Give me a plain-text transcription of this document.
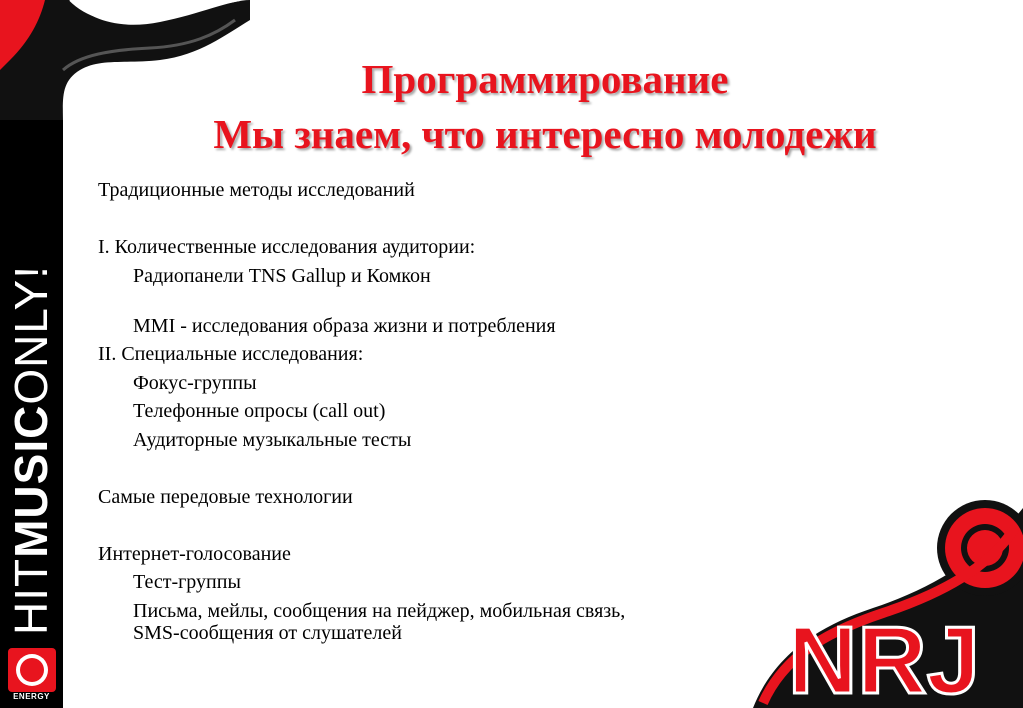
HITMUSICONLY!
ENERGY	NRJ
Программирование
Мы знаем, что интересно молодежи
Традиционные методы исследований
I. Количественные исследования аудитории:
Радиопанели TNS Gallup и Комкон
MMI - исследования образа жизни и потребления
II. Специальные исследования:
Фокус-группы
Телефонные опросы (call out)
Аудиторные музыкальные тесты
Самые передовые технологии
Интернет-голосование
Тест-группы
Письма, мейлы, сообщения на пейджер, мобильная связь,
SMS-сообщения от слушателей
